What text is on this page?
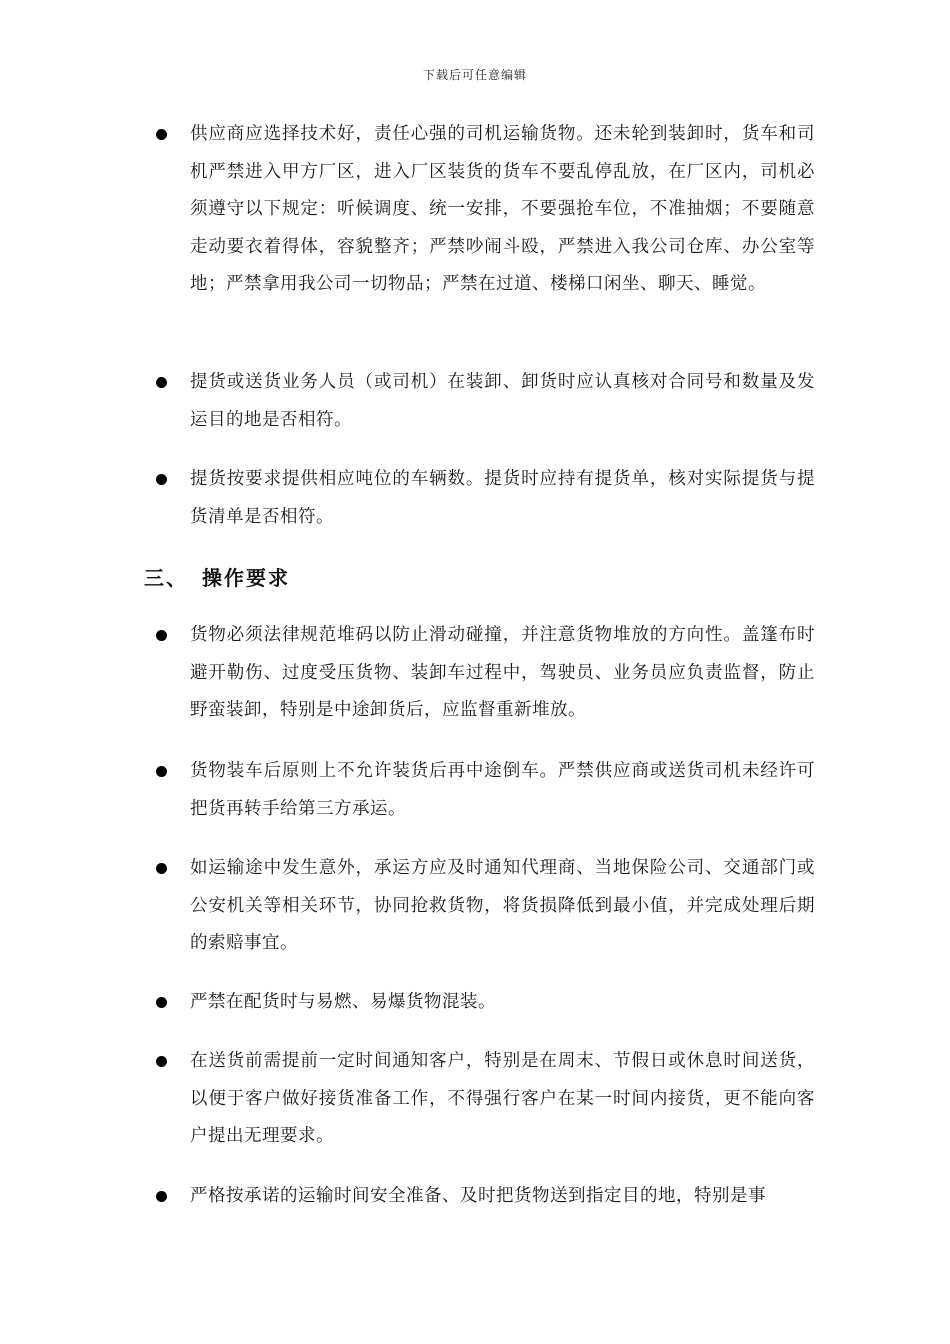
下载后可任意编辑
供应商应选择技术好，责任心强的司机运输货物。还未轮到装卸时，货车和司机严禁进入甲方厂区，进入厂区装货的货车不要乱停乱放，在厂区内，司机必须遵守以下规定：听候调度、统一安排，不要强抢车位，不准抽烟；不要随意走动要衣着得体，容貌整齐；严禁吵闹斗殴，严禁进入我公司仓库、办公室等地；严禁拿用我公司一切物品；严禁在过道、楼梯口闲坐、聊天、睡觉。
提货或送货业务人员（或司机）在装卸、卸货时应认真核对合同号和数量及发运目的地是否相符。
提货按要求提供相应吨位的车辆数。提货时应持有提货单，核对实际提货与提货清单是否相符。
三、 操作要求
货物必须法律规范堆码以防止滑动碰撞，并注意货物堆放的方向性。盖篷布时避开勒伤、过度受压货物、装卸车过程中，驾驶员、业务员应负责监督，防止野蛮装卸，特别是中途卸货后，应监督重新堆放。
货物装车后原则上不允许装货后再中途倒车。严禁供应商或送货司机未经许可把货再转手给第三方承运。
如运输途中发生意外，承运方应及时通知代理商、当地保险公司、交通部门或公安机关等相关环节，协同抢救货物，将货损降低到最小值，并完成处理后期的索赔事宜。
严禁在配货时与易燃、易爆货物混装。
在送货前需提前一定时间通知客户，特别是在周末、节假日或休息时间送货，以便于客户做好接货准备工作，不得强行客户在某一时间内接货，更不能向客户提出无理要求。
严格按承诺的运输时间安全准备、及时把货物送到指定目的地，特别是事
